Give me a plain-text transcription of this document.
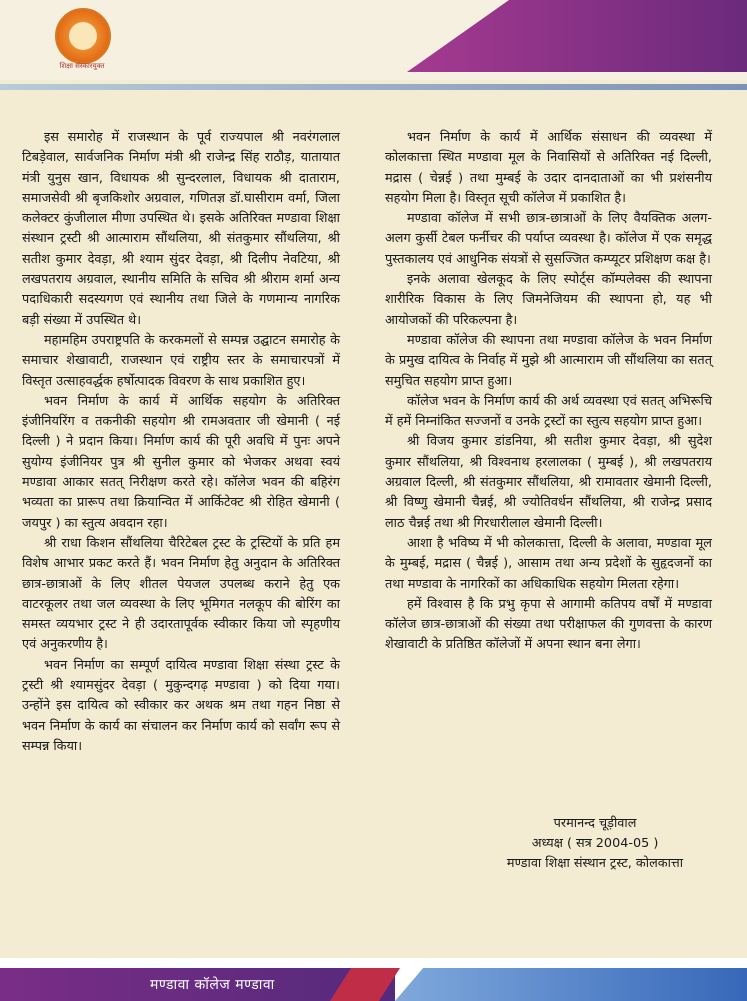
शिक्षा संस्कारयुक्त

इस समारोह में राजस्थान के पूर्व राज्यपाल श्री नवरंगलाल टिबड़ेवाल, सार्वजनिक निर्माण मंत्री श्री राजेन्द्र सिंह राठौड़, यातायात मंत्री युनुस खान, विधायक श्री सुन्दरलाल, विधायक श्री दाताराम, समाजसेवी श्री बृजकिशोर अग्रवाल, गणितज्ञ डॉ.घासीराम वर्मा, जिला कलेक्टर कुंजीलाल मीणा उपस्थित थे। इसके अतिरिक्त मण्डावा शिक्षा संस्थान ट्रस्टी श्री आत्माराम सौंथलिया, श्री संतकुमार सौंथलिया, श्री सतीश कुमार देवड़ा, श्री श्याम सुंदर देवड़ा, श्री दिलीप नेवटिया, श्री लखपतराय अग्रवाल, स्थानीय समिति के सचिव श्री श्रीराम शर्मा अन्य पदाधिकारी सदस्यगण एवं स्थानीय तथा जिले के गणमान्य नागरिक बड़ी संख्या में उपस्थित थे।

महामहिम उपराष्ट्रपति के करकमलों से सम्पन्न उद्घाटन समारोह के समाचार शेखावाटी, राजस्थान एवं राष्ट्रीय स्तर के समाचारपत्रों में विस्तृत उत्साहवर्द्धक हर्षोत्पादक विवरण के साथ प्रकाशित हुए।

भवन निर्माण के कार्य में आर्थिक सहयोग के अतिरिक्त इंजीनियरिंग व तकनीकी सहयोग श्री रामअवतार जी खेमानी ( नई दिल्ली ) ने प्रदान किया। निर्माण कार्य की पूरी अवधि में पुनः अपने सुयोग्य इंजीनियर पुत्र श्री सुनील कुमार को भेजकर अथवा स्वयं मण्डावा आकार सतत् निरीक्षण करते रहे। कॉलेज भवन की बहिरंग भव्यता का प्रारूप तथा क्रियान्वित में आर्किटेक्ट श्री रोहित खेमानी ( जयपुर ) का स्तुत्य अवदान रहा।

श्री राधा किशन सौंथलिया चैरिटेबल ट्रस्ट के ट्रस्टियों के प्रति हम विशेष आभार प्रकट करते हैं। भवन निर्माण हेतु अनुदान के अतिरिक्त छात्र-छात्राओं के लिए शीतल पेयजल उपलब्ध कराने हेतु एक वाटरकूलर तथा जल व्यवस्था के लिए भूमिगत नलकूप की बोरिंग का समस्त व्ययभार ट्रस्ट ने ही उदारतापूर्वक स्वीकार किया जो स्पृहणीय एवं अनुकरणीय है।

भवन निर्माण का सम्पूर्ण दायित्व मण्डावा शिक्षा संस्था ट्रस्ट के ट्रस्टी श्री श्यामसुंदर देवड़ा ( मुकुन्दगढ़ मण्डावा ) को दिया गया। उन्होंने इस दायित्व को स्वीकार कर अथक श्रम तथा गहन निष्ठा से भवन निर्माण के कार्य का संचालन कर निर्माण कार्य को सर्वांग रूप से सम्पन्न किया।

भवन निर्माण के कार्य में आर्थिक संसाधन की व्यवस्था में कोलकात्ता स्थित मण्डावा मूल के निवासियों से अतिरिक्त नई दिल्ली, मद्रास ( चेन्नई ) तथा मुम्बई के उदार दानदाताओं का भी प्रशंसनीय सहयोग मिला है। विस्तृत सूची कॉलेज में प्रकाशित है।

मण्डावा कॉलेज में सभी छात्र-छात्राओं के लिए वैयक्तिक अलग-अलग कुर्सी टेबल फर्नीचर की पर्याप्त व्यवस्था है। कॉलेज में एक समृद्ध पुस्तकालय एवं आधुनिक संयत्रों से सुसज्जित कम्प्यूटर प्रशिक्षण कक्ष है।

इनके अलावा खेलकूद के लिए स्पोर्ट्स कॉम्पलेक्स की स्थापना शारीरिक विकास के लिए जिमनेजियम की स्थापना हो, यह भी आयोजकों की परिकल्पना है।

मण्डावा कॉलेज की स्थापना तथा मण्डावा कॉलेज के भवन निर्माण के प्रमुख दायित्व के निर्वाह में मुझे श्री आत्माराम जी सौंथलिया का सतत् समुचित सहयोग प्राप्त हुआ।

कॉलेज भवन के निर्माण कार्य की अर्थ व्यवस्था एवं सतत् अभिरूचि में हमें निम्नांकित सज्जनों व उनके ट्रस्टों का स्तुत्य सहयोग प्राप्त हुआ।

श्री विजय कुमार डांडनिया, श्री सतीश कुमार देवड़ा, श्री सुदेश कुमार सौंथलिया, श्री विश्वनाथ हरलालका ( मुम्बई ), श्री लखपतराय अग्रवाल दिल्ली, श्री संतकुमार सौंथलिया, श्री रामावतार खेमानी दिल्ली, श्री विष्णु खेमानी चैन्नई, श्री ज्योतिवर्धन सौंथलिया, श्री राजेन्द्र प्रसाद लाठ चैन्नई तथा श्री गिरधारीलाल खेमानी दिल्ली।

आशा है भविष्य में भी कोलकात्ता, दिल्ली के अलावा, मण्डावा मूल के मुम्बई, मद्रास ( चैन्नई ), आसाम तथा अन्य प्रदेशों के सुहृदजनों का तथा मण्डावा के नागरिकों का अधिकाधिक सहयोग मिलता रहेगा।

हमें विश्वास है कि प्रभु कृपा से आगामी कतिपय वर्षों में मण्डावा कॉलेज छात्र-छात्राओं की संख्या तथा परीक्षाफल की गुणवत्ता के कारण शेखावाटी के प्रतिष्ठित कॉलेजों में अपना स्थान बना लेगा।

परमानन्द चूड़ीवाल
अध्यक्ष ( सत्र 2004-05 )
मण्डावा शिक्षा संस्थान ट्रस्ट, कोलकात्ता
मण्डावा कॉलेज मण्डावा
